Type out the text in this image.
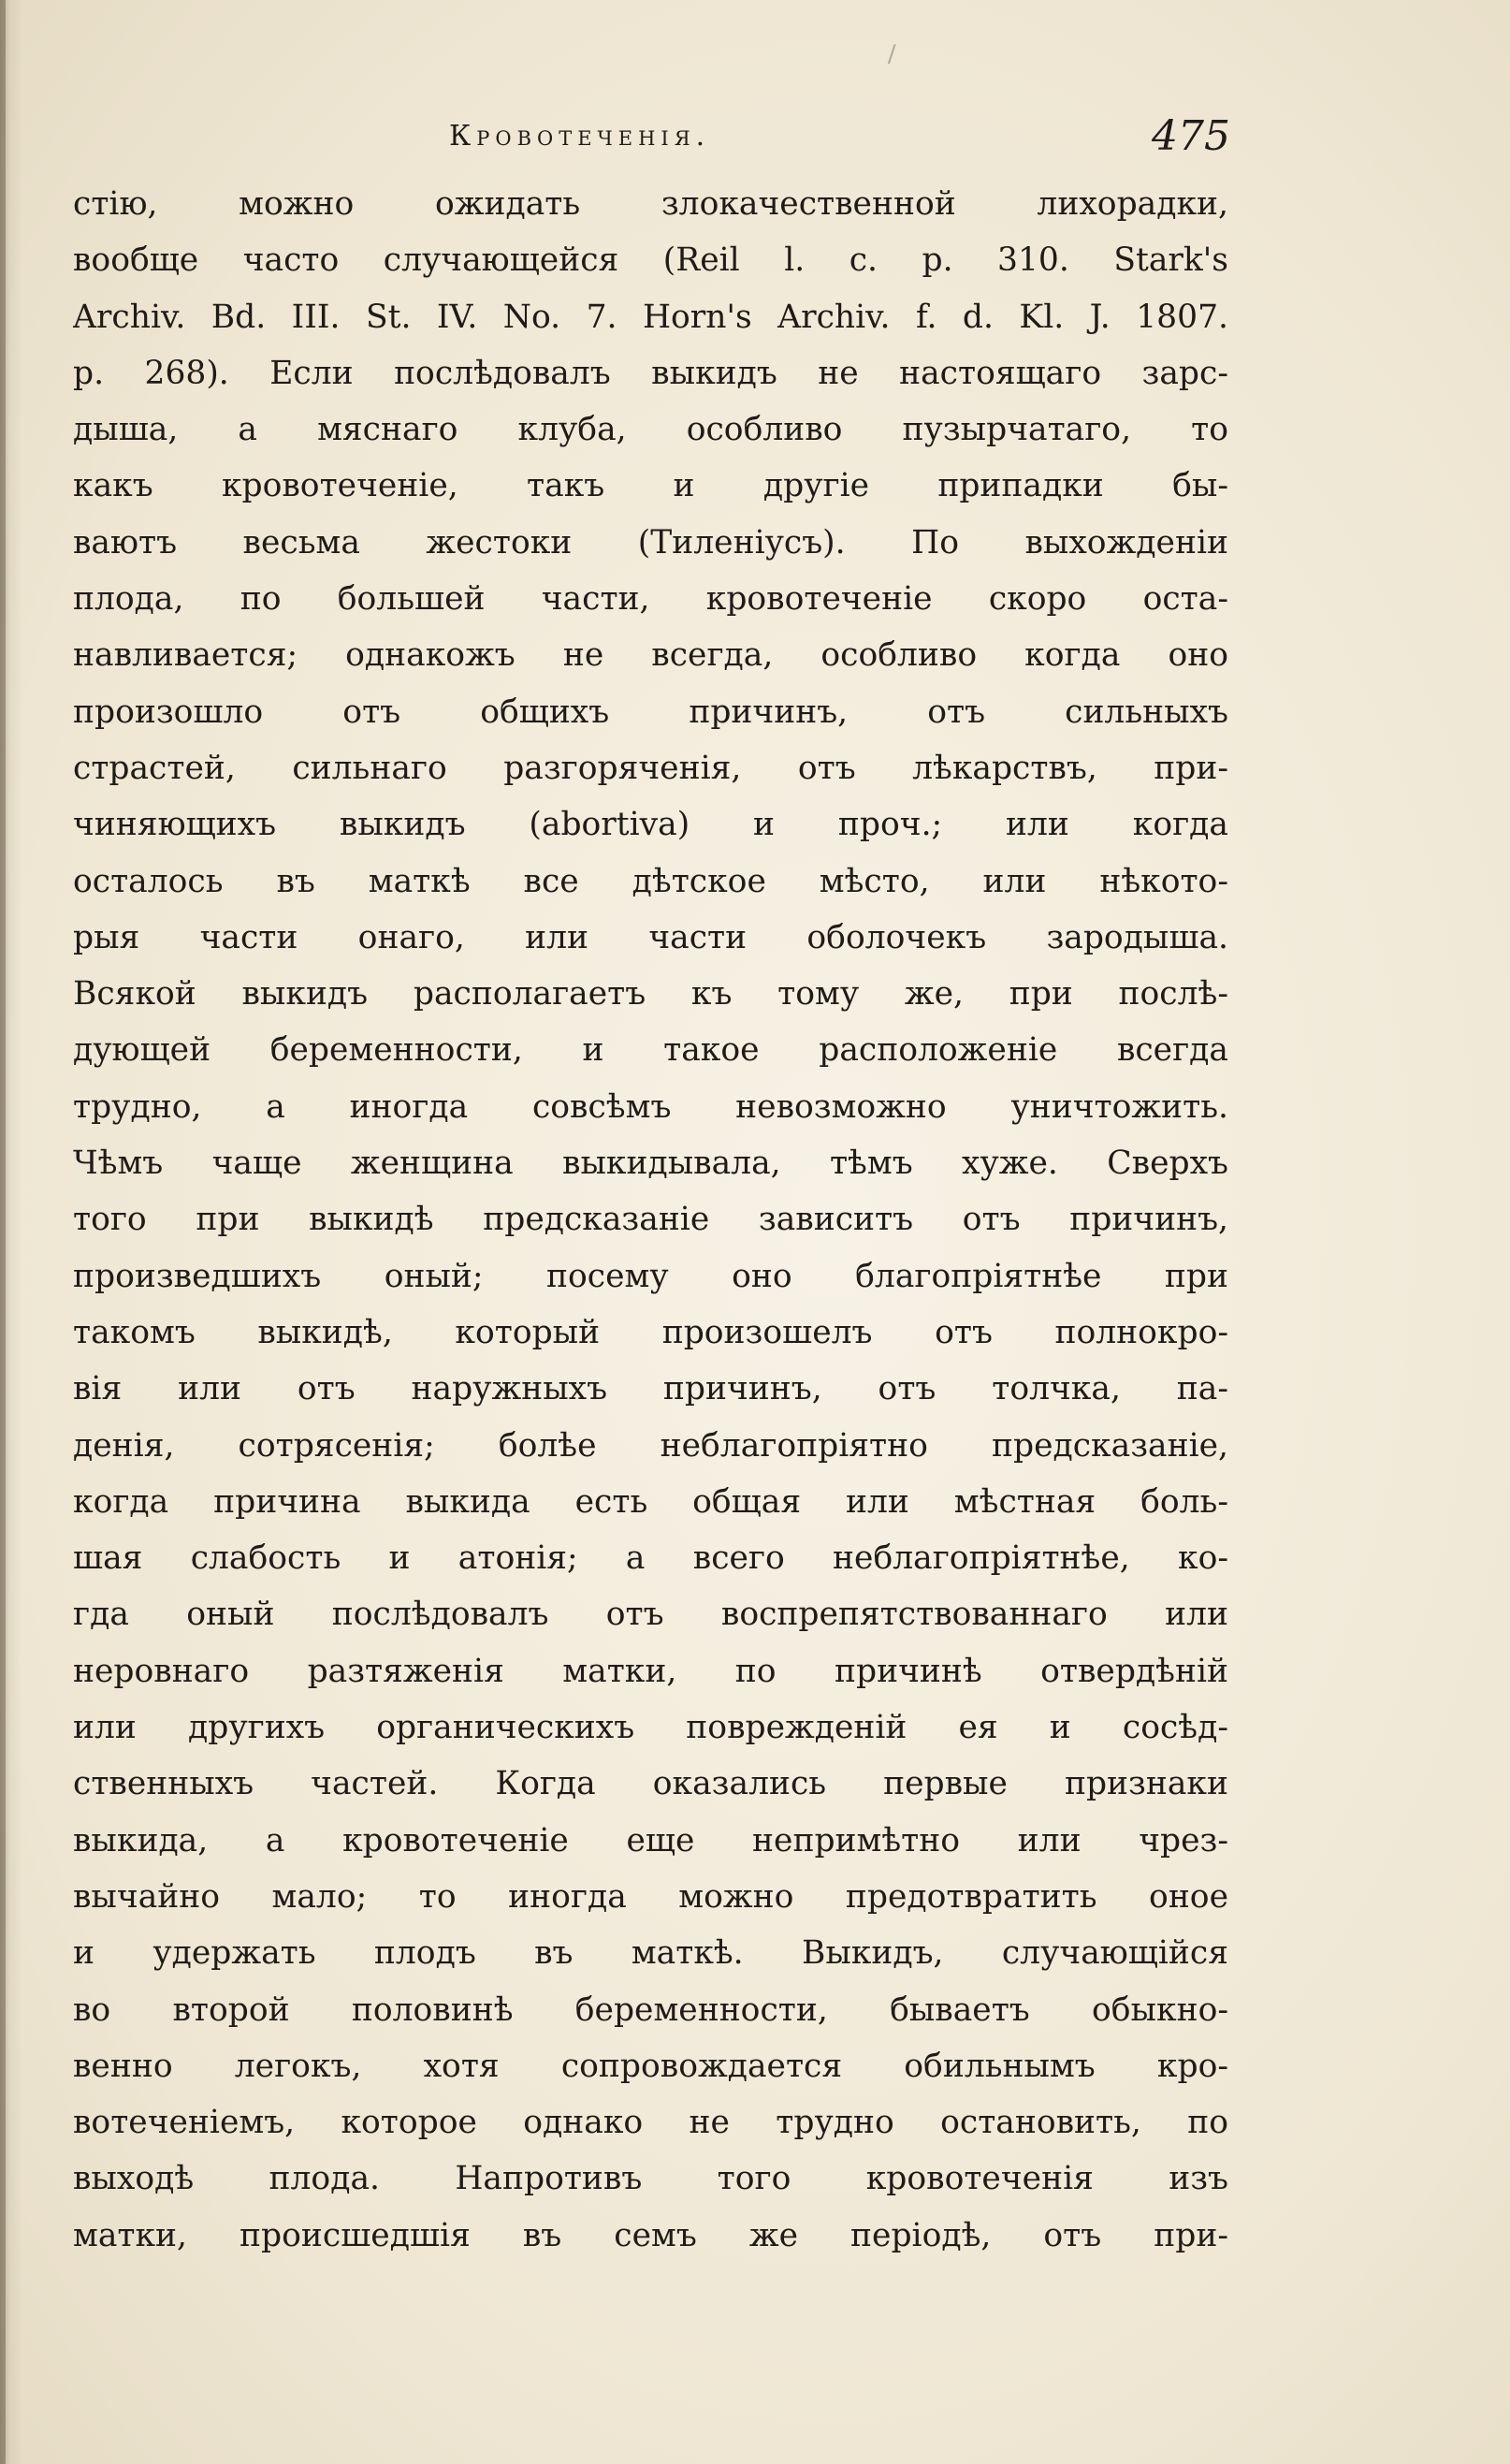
Кровотеченія.	475
стію, можно ожидать злокачественной лихорадки,
вообще часто случающейся (Reil l. c. p. 310. Stark's
Archiv. Bd. III. St. IV. No. 7. Horn's Archiv. f. d. Kl. J. 1807.
p. 268). Если послѣдовалъ выкидъ не настоящаго зарс-
дыша, а мяснаго клуба, особливо пузырчатаго, то
какъ кровотеченіе, такъ и другіе припадки бы-
ваютъ весьма жестоки (Тиленіусъ). По выхожденіи
плода, по большей части, кровотеченіе скоро оста-
навливается; однакожъ не всегда, особливо когда оно
произошло отъ общихъ причинъ, отъ сильныхъ
страстей, сильнаго разгоряченія, отъ лѣкарствъ, при-
чиняющихъ выкидъ (abortiva) и проч.; или когда
осталось въ маткѣ все дѣтское мѣсто, или нѣкото-
рыя части онаго, или части оболочекъ зародыша.
Всякой выкидъ располагаетъ къ тому же, при послѣ-
дующей беременности, и такое расположеніе всегда
трудно, а иногда совсѣмъ невозможно уничтожить.
Чѣмъ чаще женщина выкидывала, тѣмъ хуже. Сверхъ
того при выкидѣ предсказаніе зависитъ отъ причинъ,
произведшихъ оный; посему оно благопріятнѣе при
такомъ выкидѣ, который произошелъ отъ полнокро-
вія или отъ наружныхъ причинъ, отъ толчка, па-
денія, сотрясенія; болѣе неблагопріятно предсказаніе,
когда причина выкида есть общая или мѣстная боль-
шая слабость и атонія; а всего неблагопріятнѣе, ко-
гда оный послѣдовалъ отъ воспрепятствованнаго или
неровнаго разтяженія матки, по причинѣ отвердѣній
или другихъ органическихъ поврежденій ея и сосѣд-
ственныхъ частей. Когда оказались первые признаки
выкида, а кровотеченіе еще непримѣтно или чрез-
вычайно мало; то иногда можно предотвратить оное
и удержать плодъ въ маткѣ. Выкидъ, случающійся
во второй половинѣ беременности, бываетъ обыкно-
венно легокъ, хотя сопровождается обильнымъ кро-
вотеченіемъ, которое однако не трудно остановить, по
выходѣ плода. Напротивъ того кровотеченія изъ
матки, происшедшія въ семъ же періодѣ, отъ при-
